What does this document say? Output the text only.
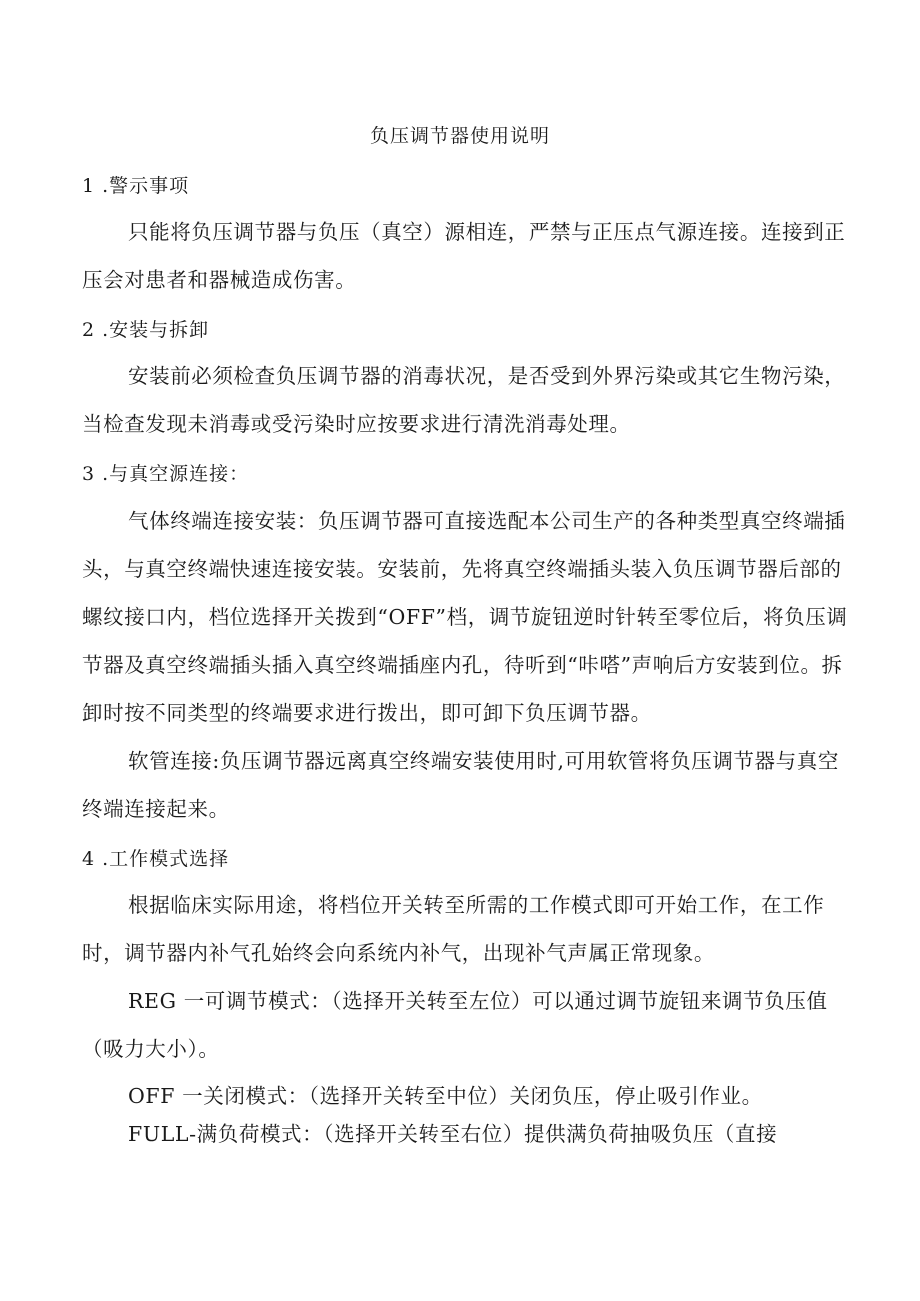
负压调节器使用说明
1 .警示事项

只能将负压调节器与负压（真空）源相连，严禁与正压点气源连接。连接到正压会对患者和器械造成伤害。

2 .安装与拆卸

安装前必须检查负压调节器的消毒状况，是否受到外界污染或其它生物污染，当检查发现未消毒或受污染时应按要求进行清洗消毒处理。

3 .与真空源连接：

气体终端连接安装：负压调节器可直接选配本公司生产的各种类型真空终端插头，与真空终端快速连接安装。安装前，先将真空终端插头装入负压调节器后部的螺纹接口内，档位选择开关拨到“OFF”档，调节旋钮逆时针转至零位后，将负压调节器及真空终端插头插入真空终端插座内孔，待听到“咔嗒”声响后方安装到位。拆卸时按不同类型的终端要求进行拨出，即可卸下负压调节器。

软管连接:负压调节器远离真空终端安装使用时,可用软管将负压调节器与真空终端连接起来。

4 .工作模式选择

根据临床实际用途，将档位开关转至所需的工作模式即可开始工作，在工作时，调节器内补气孔始终会向系统内补气，出现补气声属正常现象。

REG 一可调节模式：（选择开关转至左位）可以通过调节旋钮来调节负压值（吸力大小）。

OFF 一关闭模式：（选择开关转至中位）关闭负压，停止吸引作业。

FULL-满负荷模式：（选择开关转至右位）提供满负荷抽吸负压（直接
